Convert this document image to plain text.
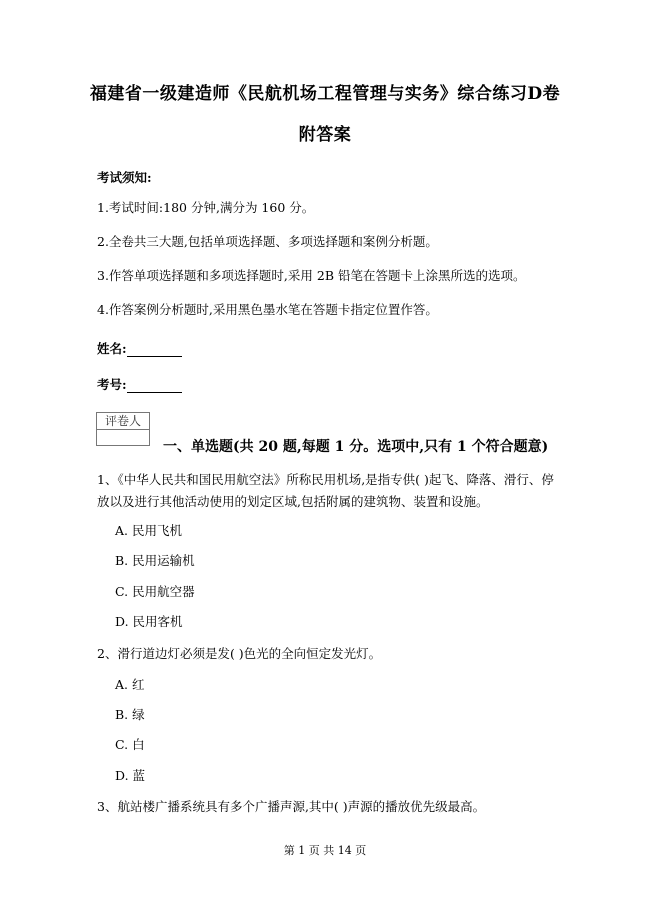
福建省一级建造师《民航机场工程管理与实务》综合练习D卷
附答案
考试须知:
1.考试时间:180 分钟,满分为 160 分。
2.全卷共三大题,包括单项选择题、多项选择题和案例分析题。
3.作答单项选择题和多项选择题时,采用 2B 铅笔在答题卡上涂黑所选的选项。
4.作答案例分析题时,采用黑色墨水笔在答题卡指定位置作答。
姓名:
考号:
评卷人
一、单选题(共 20 题,每题 1 分。选项中,只有 1 个符合题意)
1、《中华人民共和国民用航空法》所称民用机场,是指专供( )起飞、降落、滑行、停
放以及进行其他活动使用的划定区域,包括附属的建筑物、装置和设施。
A. 民用飞机
B. 民用运输机
C. 民用航空器
D. 民用客机
2、滑行道边灯必须是发( )色光的全向恒定发光灯。
A. 红
B. 绿
C. 白
D. 蓝
3、航站楼广播系统具有多个广播声源,其中( )声源的播放优先级最高。
第 1 页 共 14 页
